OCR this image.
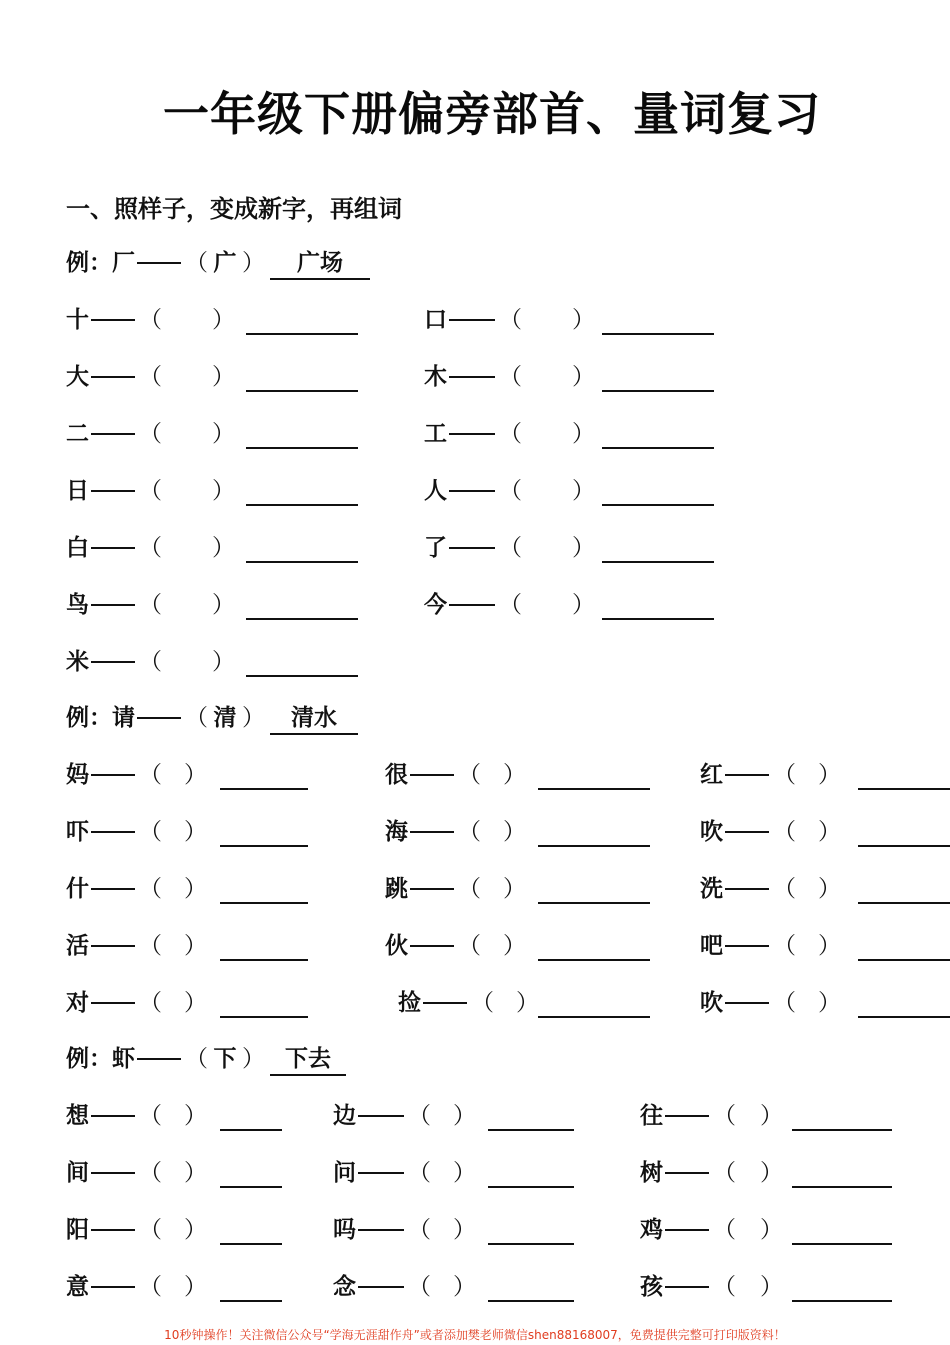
一年级下册偏旁部首、量词复习
一、照样子，变成新字，再组词
例：厂 （ 广 ）	广场
十 （ ）	口 （ ）
大 （ ）	木 （ ）
二 （ ）	工 （ ）
日 （ ）	人 （ ）
白 （ ）	了 （ ）
鸟 （ ）	今 （ ）
米 （ ）
例：请 （ 清 ）	清水
妈 （ ）	很 （ ）	红 （ ）
吓 （ ）	海 （ ）	吹 （ ）
什 （ ）	跳 （ ）	洗 （ ）
活 （ ）	伙 （ ）	吧 （ ）
对 （ ）	捡 （ ）	吹 （ ）
例：虾 （ 下 ） 下去
想 （ ）	边 （ ）	往 （ ）
间 （ ）	问 （ ）	树 （ ）
阳 （ ）	吗 （ ）	鸡 （ ）
意 （ ）	念 （ ）	孩 （ ）
10秒钟操作！关注微信公众号“学海无涯甜作舟”或者添加樊老师微信shen88168007，免费提供完整可打印版资料！
